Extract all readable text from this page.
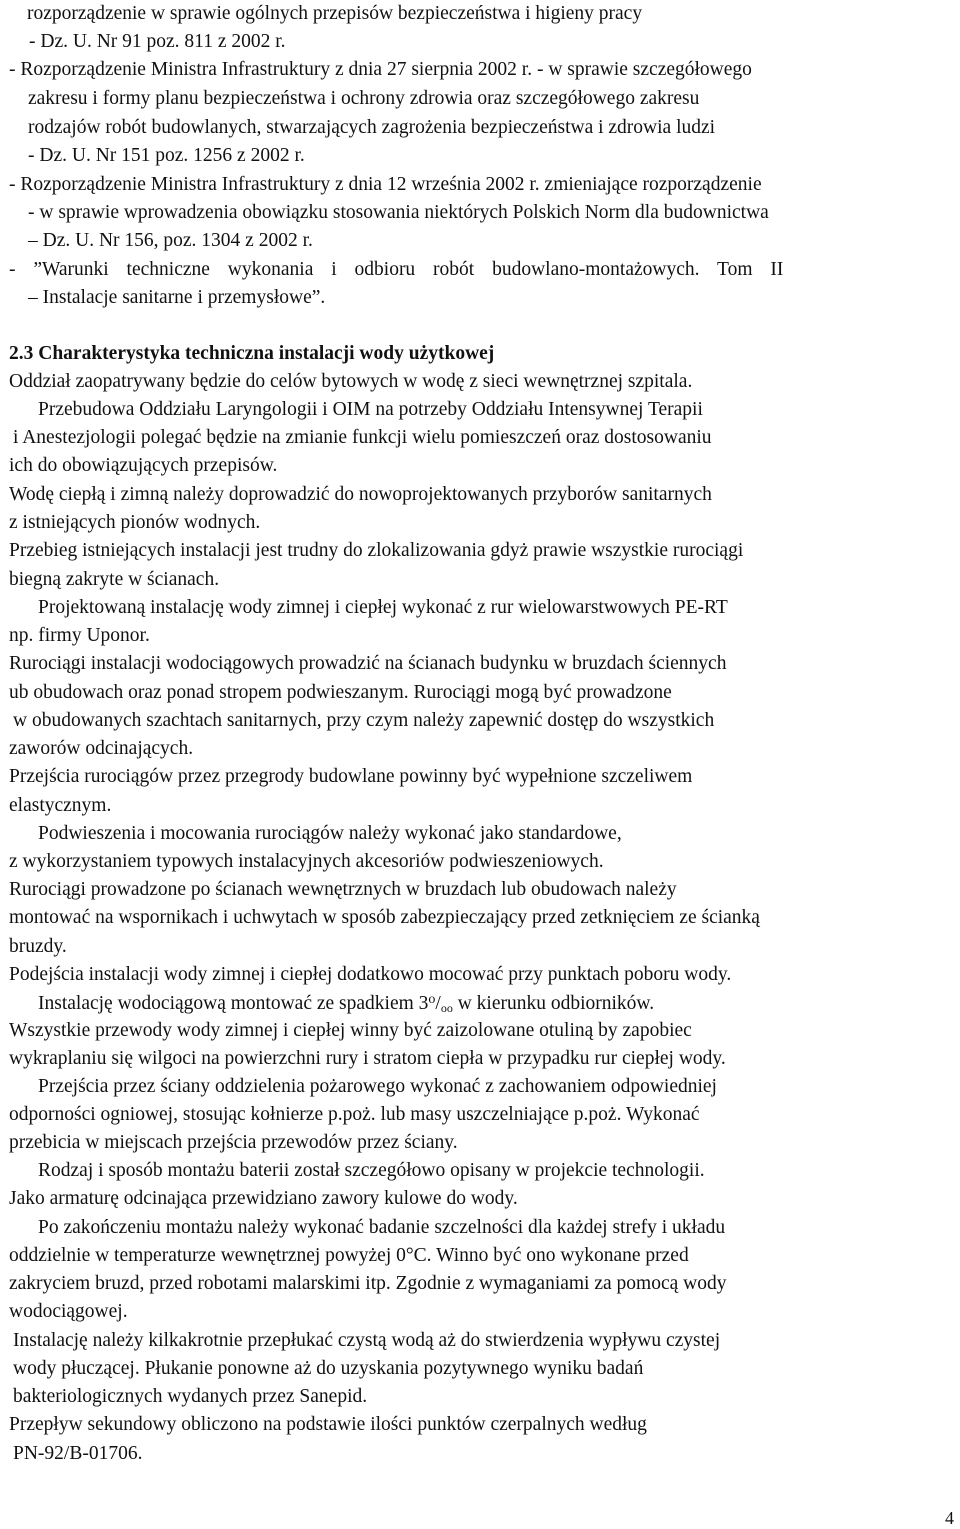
rozporządzenie w sprawie ogólnych przepisów bezpieczeństwa i higieny pracy
- Dz. U. Nr 91 poz. 811 z 2002 r.
- Rozporządzenie Ministra Infrastruktury z dnia 27 sierpnia 2002 r. - w sprawie szczegółowego
zakresu i formy planu bezpieczeństwa i ochrony zdrowia oraz szczegółowego zakresu
rodzajów robót budowlanych, stwarzających zagrożenia bezpieczeństwa i zdrowia ludzi
- Dz. U. Nr 151 poz. 1256 z 2002 r.
- Rozporządzenie Ministra Infrastruktury z dnia 12 września 2002 r. zmieniające rozporządzenie
- w sprawie wprowadzenia obowiązku stosowania niektórych Polskich Norm dla budownictwa
– Dz. U. Nr 156, poz. 1304 z 2002 r.
- ”Warunki techniczne wykonania i odbioru robót budowlano-montażowych. Tom II
– Instalacje sanitarne i przemysłowe”.
2.3 Charakterystyka techniczna instalacji wody użytkowej
Oddział zaopatrywany będzie do celów bytowych w wodę z sieci wewnętrznej szpitala.
Przebudowa Oddziału Laryngologii i OIM na potrzeby Oddziału Intensywnej Terapii
i Anestezjologii polegać będzie na zmianie funkcji wielu pomieszczeń oraz dostosowaniu
ich do obowiązujących przepisów.
Wodę ciepłą i zimną należy doprowadzić do nowoprojektowanych przyborów sanitarnych
z istniejących pionów wodnych.
Przebieg istniejących instalacji jest trudny do zlokalizowania gdyż prawie wszystkie rurociągi
biegną zakryte w ścianach.
Projektowaną instalację wody zimnej i ciepłej wykonać z rur wielowarstwowych PE-RT
np. firmy Uponor.
Rurociągi instalacji wodociągowych prowadzić na ścianach budynku w bruzdach ściennych
ub obudowach oraz ponad stropem podwieszanym. Rurociągi mogą być prowadzone
w obudowanych szachtach sanitarnych, przy czym należy zapewnić dostęp do wszystkich
zaworów odcinających.
Przejścia rurociągów przez przegrody budowlane powinny być wypełnione szczeliwem
elastycznym.
Podwieszenia i mocowania rurociągów należy wykonać jako standardowe,
z wykorzystaniem typowych instalacyjnych akcesoriów podwieszeniowych.
Rurociągi prowadzone po ścianach wewnętrznych w bruzdach lub obudowach należy
montować na wspornikach i uchwytach w sposób zabezpieczający przed zetknięciem ze ścianką
bruzdy.
Podejścia instalacji wody zimnej i ciepłej dodatkowo mocować przy punktach poboru wody.
Instalację wodociągową montować ze spadkiem $3^o/_{oo}$ w kierunku odbiorników.
Wszystkie przewody wody zimnej i ciepłej winny być zaizolowane otuliną by zapobiec
wykraplaniu się wilgoci na powierzchni rury i stratom ciepła w przypadku rur ciepłej wody.
Przejścia przez ściany oddzielenia pożarowego wykonać z zachowaniem odpowiedniej
odporności ogniowej, stosując kołnierze p.poż. lub masy uszczelniające p.poż. Wykonać
przebicia w miejscach przejścia przewodów przez ściany.
Rodzaj i sposób montażu baterii został szczegółowo opisany w projekcie technologii.
Jako armaturę odcinająca przewidziano zawory kulowe do wody.
Po zakończeniu montażu należy wykonać badanie szczelności dla każdej strefy i układu
oddzielnie w temperaturze wewnętrznej powyżej 0°C. Winno być ono wykonane przed
zakryciem bruzd, przed robotami malarskimi itp. Zgodnie z wymaganiami za pomocą wody
wodociągowej.
Instalację należy kilkakrotnie przepłukać czystą wodą aż do stwierdzenia wypływu czystej
wody płuczącej. Płukanie ponowne aż do uzyskania pozytywnego wyniku badań
bakteriologicznych wydanych przez Sanepid.
Przepływ sekundowy obliczono na podstawie ilości punktów czerpalnych według
PN-92/B-01706.
4
